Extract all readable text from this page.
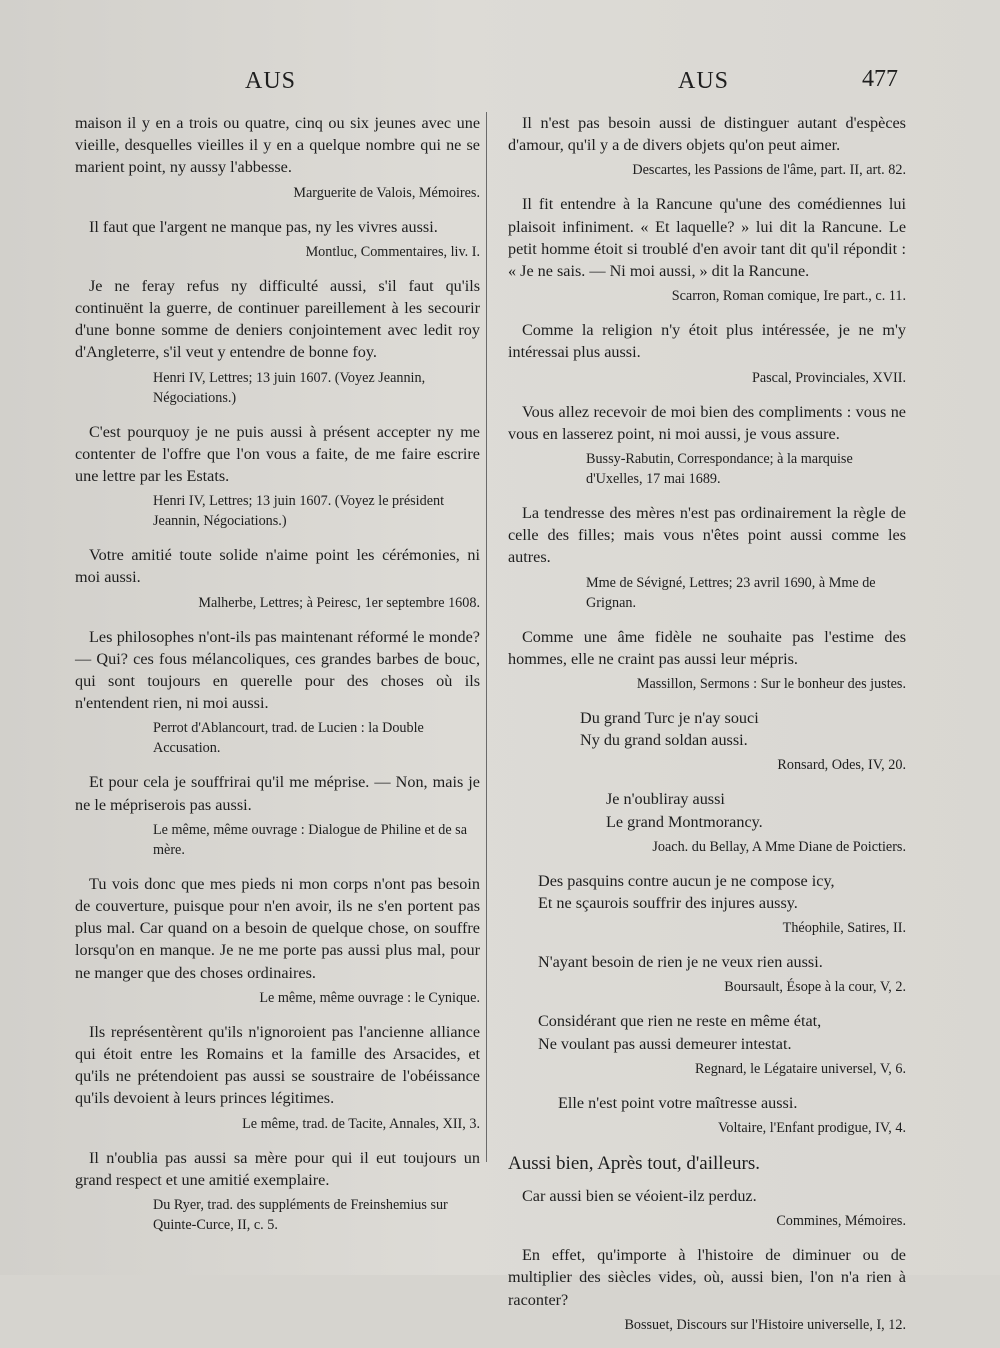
AUS	AUS	477

maison il y en a trois ou quatre, cinq ou six jeunes avec une vieille, desquelles vieilles il y en a quelque nombre qui ne se marient point, ny aussy l'abbesse.

Marguerite de Valois, Mémoires.

Il faut que l'argent ne manque pas, ny les vivres aussi.

Montluc, Commentaires, liv. I.

Je ne feray refus ny difficulté aussi, s'il faut qu'ils continuënt la guerre, de continuer pareillement à les secourir d'une bonne somme de deniers conjointement avec ledit roy d'Angleterre, s'il veut y entendre de bonne foy.

Henri IV, Lettres; 13 juin 1607. (Voyez Jeannin, Négociations.)

C'est pourquoy je ne puis aussi à présent accepter ny me contenter de l'offre que l'on vous a faite, de me faire escrire une lettre par les Estats.

Henri IV, Lettres; 13 juin 1607. (Voyez le président Jeannin, Négociations.)

Votre amitié toute solide n'aime point les cérémonies, ni moi aussi.

Malherbe, Lettres; à Peiresc, 1er septembre 1608.

Les philosophes n'ont-ils pas maintenant réformé le monde? — Qui? ces fous mélancoliques, ces grandes barbes de bouc, qui sont toujours en querelle pour des choses où ils n'entendent rien, ni moi aussi.

Perrot d'Ablancourt, trad. de Lucien : la Double Accusation.

Et pour cela je souffrirai qu'il me méprise. — Non, mais je ne le mépriserois pas aussi.

Le même, même ouvrage : Dialogue de Philine et de sa mère.

Tu vois donc que mes pieds ni mon corps n'ont pas besoin de couverture, puisque pour n'en avoir, ils ne s'en portent pas plus mal. Car quand on a besoin de quelque chose, on souffre lorsqu'on en manque. Je ne me porte pas aussi plus mal, pour ne manger que des choses ordinaires.

Le même, même ouvrage : le Cynique.

Ils représentèrent qu'ils n'ignoroient pas l'ancienne alliance qui étoit entre les Romains et la famille des Arsacides, et qu'ils ne prétendoient pas aussi se soustraire de l'obéissance qu'ils devoient à leurs princes légitimes.

Le même, trad. de Tacite, Annales, XII, 3.

Il n'oublia pas aussi sa mère pour qui il eut toujours un grand respect et une amitié exemplaire.

Du Ryer, trad. des suppléments de Freinshemius sur Quinte-Curce, II, c. 5.

Il n'est pas besoin aussi de distinguer autant d'espèces d'amour, qu'il y a de divers objets qu'on peut aimer.

Descartes, les Passions de l'âme, part. II, art. 82.

Il fit entendre à la Rancune qu'une des comédiennes lui plaisoit infiniment. « Et laquelle? » lui dit la Rancune. Le petit homme étoit si troublé d'en avoir tant dit qu'il répondit : « Je ne sais. — Ni moi aussi, » dit la Rancune.

Scarron, Roman comique, Ire part., c. 11.

Comme la religion n'y étoit plus intéressée, je ne m'y intéressai plus aussi.

Pascal, Provinciales, XVII.

Vous allez recevoir de moi bien des compliments : vous ne vous en lasserez point, ni moi aussi, je vous assure.

Bussy-Rabutin, Correspondance; à la marquise d'Uxelles, 17 mai 1689.

La tendresse des mères n'est pas ordinairement la règle de celle des filles; mais vous n'êtes point aussi comme les autres.

Mme de Sévigné, Lettres; 23 avril 1690, à Mme de Grignan.

Comme une âme fidèle ne souhaite pas l'estime des hommes, elle ne craint pas aussi leur mépris.

Massillon, Sermons : Sur le bonheur des justes.

Du grand Turc je n'ay souci

Ny du grand soldan aussi.

Ronsard, Odes, IV, 20.

Je n'oubliray aussi

Le grand Montmorancy.

Joach. du Bellay, A Mme Diane de Poictiers.

Des pasquins contre aucun je ne compose icy,

Et ne sçaurois souffrir des injures aussy.

Théophile, Satires, II.

N'ayant besoin de rien je ne veux rien aussi.

Boursault, Ésope à la cour, V, 2.

Considérant que rien ne reste en même état,

Ne voulant pas aussi demeurer intestat.

Regnard, le Légataire universel, V, 6.

Elle n'est point votre maîtresse aussi.

Voltaire, l'Enfant prodigue, IV, 4.

Aussi bien, Après tout, d'ailleurs.

Car aussi bien se véoient-ilz perduz.

Commines, Mémoires.

En effet, qu'importe à l'histoire de diminuer ou de multiplier des siècles vides, où, aussi bien, l'on n'a rien à raconter?

Bossuet, Discours sur l'Histoire universelle, I, 12.
